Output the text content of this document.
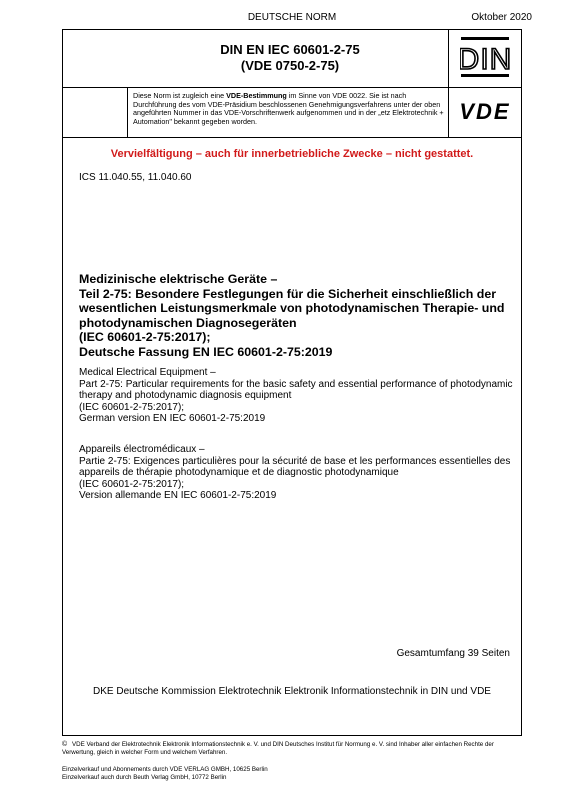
DEUTSCHE NORM	Oktober 2020
DIN EN IEC 60601-2-75
(VDE 0750-2-75)	DIN
Diese Norm ist zugleich eine VDE-Bestimmung im Sinne von VDE 0022. Sie ist nach Durchführung des vom VDE-Präsidium beschlossenen Genehmigungsverfahrens unter der oben angeführten Nummer in das VDE-Vorschriftenwerk aufgenommen und in der „etz Elektrotechnik + Automation" bekannt gegeben worden.	VDE
Vervielfältigung – auch für innerbetriebliche Zwecke – nicht gestattet.
ICS 11.040.55, 11.040.60
Medizinische elektrische Geräte –
Teil 2-75: Besondere Festlegungen für die Sicherheit einschließlich der wesentlichen Leistungsmerkmale von photodynamischen Therapie- und photodynamischen Diagnosegeräten
(IEC 60601-2-75:2017);
Deutsche Fassung EN IEC 60601-2-75:2019
Medical Electrical Equipment –
Part 2-75: Particular requirements for the basic safety and essential performance of photodynamic therapy and photodynamic diagnosis equipment
(IEC 60601-2-75:2017);
German version EN IEC 60601-2-75:2019
Appareils électromédicaux –
Partie 2-75: Exigences particulières pour la sécurité de base et les performances essentielles des appareils de thérapie photodynamique et de diagnostic photodynamique
(IEC 60601-2-75:2017);
Version allemande EN IEC 60601-2-75:2019
Gesamtumfang 39 Seiten
DKE Deutsche Kommission Elektrotechnik Elektronik Informationstechnik in DIN und VDE
© VDE Verband der Elektrotechnik Elektronik Informationstechnik e. V. und DIN Deutsches Institut für Normung e. V. sind Inhaber aller einfachen Rechte der Verwertung, gleich in welcher Form und welchem Verfahren.
Einzelverkauf und Abonnements durch VDE VERLAG GMBH, 10625 Berlin
Einzelverkauf auch durch Beuth Verlag GmbH, 10772 Berlin
